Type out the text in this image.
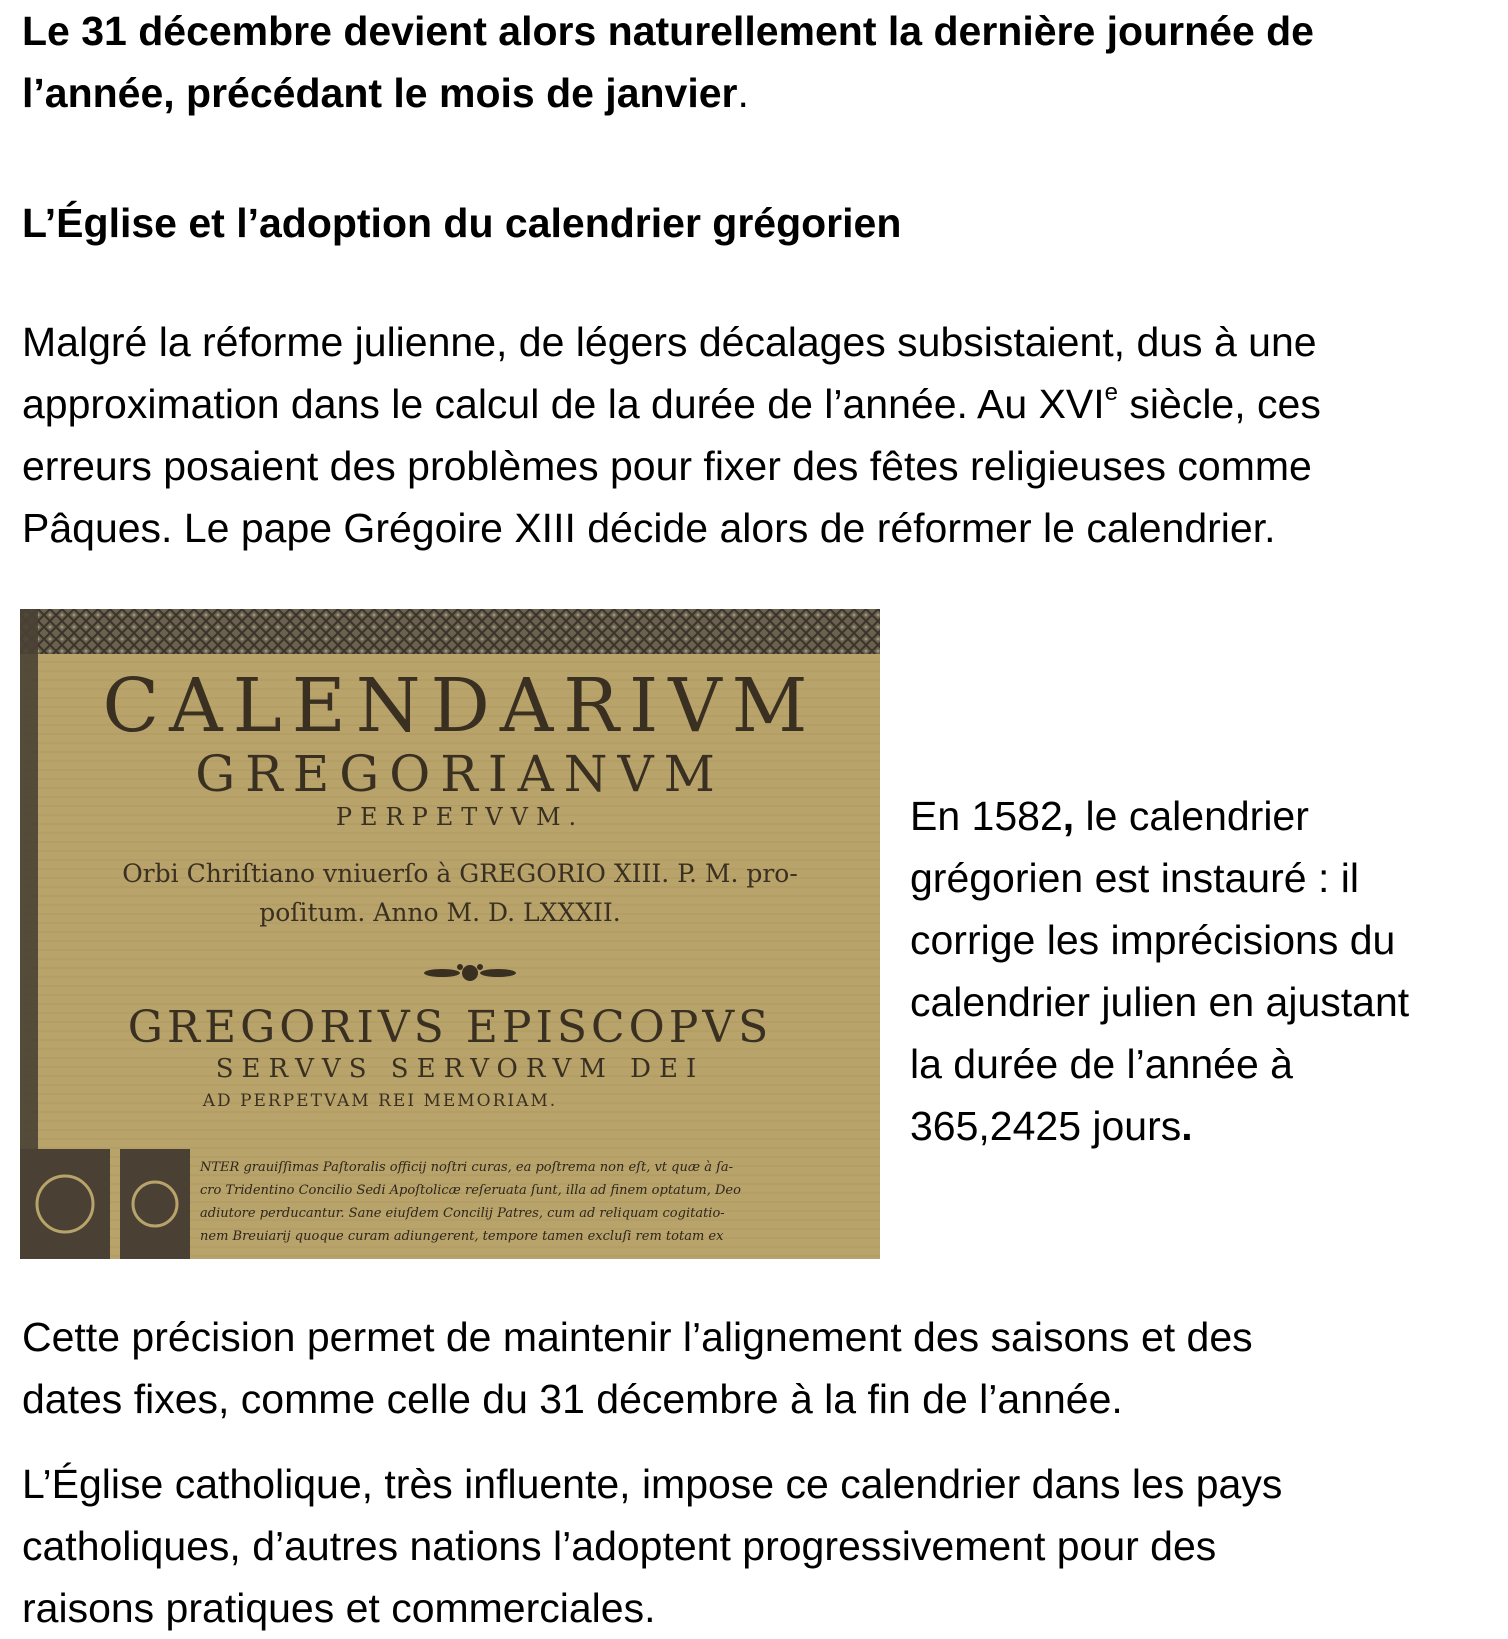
Le 31 décembre devient alors naturellement la dernière journée de
l’année, précédant le mois de janvier.

L’Église et l’adoption du calendrier grégorien

Malgré la réforme julienne, de légers décalages subsistaient, dus à une
approximation dans le calcul de la durée de l’année. Au XVIe siècle, ces
erreurs posaient des problèmes pour fixer des fêtes religieuses comme
Pâques. Le pape Grégoire XIII décide alors de réformer le calendrier.

CALENDARIVM
GREGORIANVM
PERPETVVM.
Orbi Chriſtiano vniuerſo à GREGORIO XIII. P. M. pro-
poſitum. Anno M. D. LXXXII.
GREGORIVS EPISCOPVS
SERVVS SERVORVM DEI
AD PERPETVAM REI MEMORIAM.
NTER grauiſſimas Paſtoralis officij noſtri curas, ea poſtrema non eſt, vt quæ à ſa-
cro Tridentino Concilio Sedi Apoſtolicæ reſeruata ſunt, illa ad finem optatum, Deo
adiutore perducantur. Sane eiuſdem Concilij Patres, cum ad reliquam cogitatio-
nem Breuiarij quoque curam adiungerent, tempore tamen excluſi rem totam ex

En 1582, le calendrier
grégorien est instauré : il
corrige les imprécisions du
calendrier julien en ajustant
la durée de l’année à
365,2425 jours.

Cette précision permet de maintenir l’alignement des saisons et des
dates fixes, comme celle du 31 décembre à la fin de l’année.

L’Église catholique, très influente, impose ce calendrier dans les pays
catholiques, d’autres nations l’adoptent progressivement pour des
raisons pratiques et commerciales.
